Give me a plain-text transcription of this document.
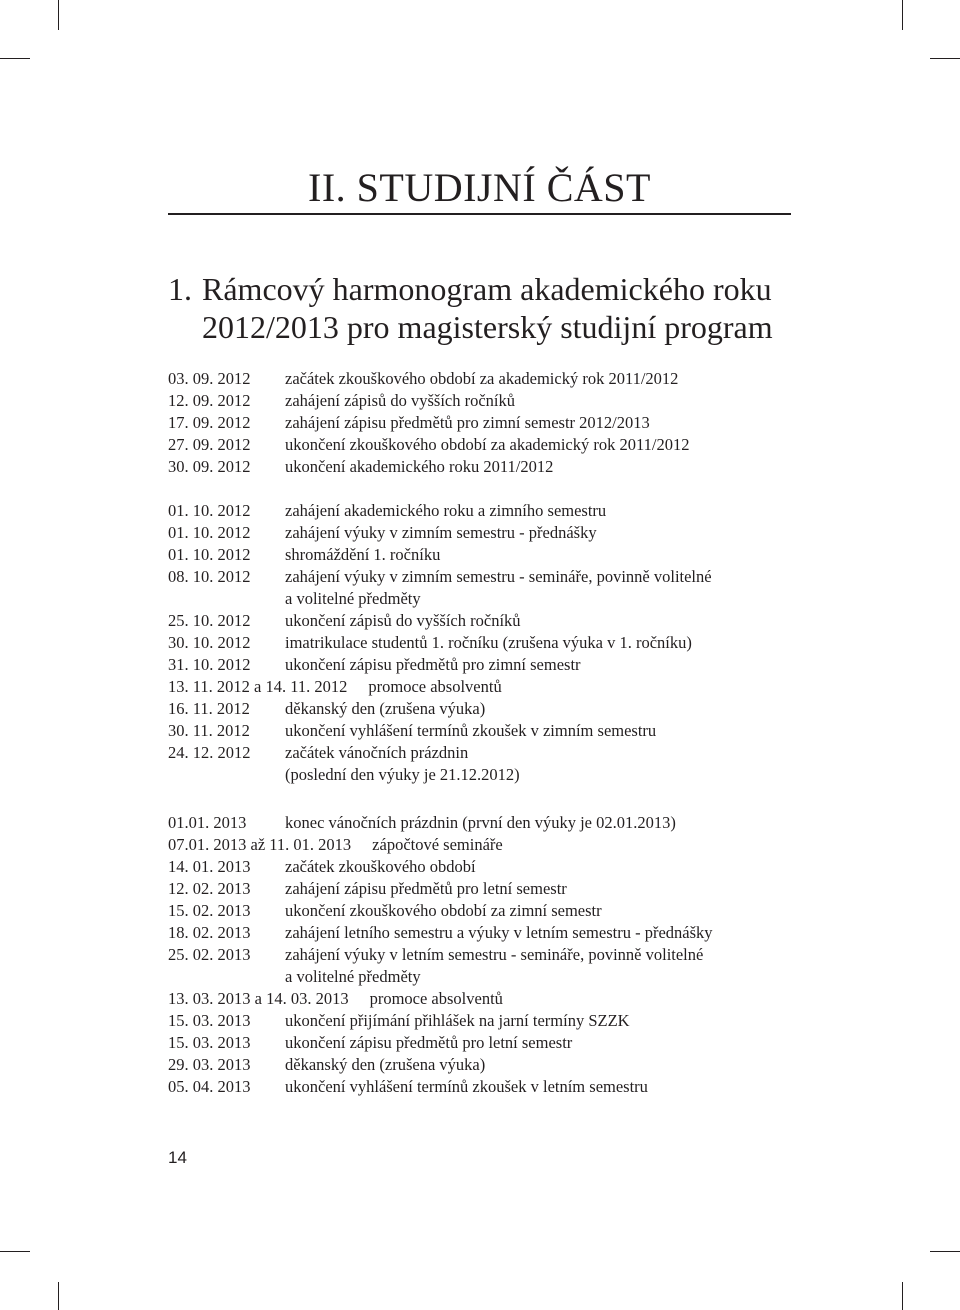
II. STUDIJNÍ ČÁST
1. Rámcový harmonogram akademického roku
2012/2013 pro magisterský studijní program
03. 09. 2012	začátek zkouškového období za akademický rok 2011/2012
12. 09. 2012	zahájení zápisů do vyšších ročníků
17. 09. 2012	zahájení zápisu předmětů pro zimní semestr 2012/2013
27. 09. 2012	ukončení zkouškového období za akademický rok 2011/2012
30. 09. 2012	ukončení akademického roku 2011/2012
01. 10. 2012	zahájení akademického roku a zimního semestru
01. 10. 2012	zahájení výuky v zimním semestru - přednášky
01. 10. 2012	shromáždění 1. ročníku
08. 10. 2012	zahájení výuky v zimním semestru - semináře, povinně volitelné
a volitelné předměty
25. 10. 2012	ukončení zápisů do vyšších ročníků
30. 10. 2012	imatrikulace studentů 1. ročníku (zrušena výuka v 1. ročníku)
31. 10. 2012	ukončení zápisu předmětů pro zimní semestr
13. 11. 2012 a 14. 11. 2012 promoce absolventů
16. 11. 2012	děkanský den (zrušena výuka)
30. 11. 2012	ukončení vyhlášení termínů zkoušek v zimním semestru
24. 12. 2012	začátek vánočních prázdnin
(poslední den výuky je 21.12.2012)
01.01. 2013	konec vánočních prázdnin (první den výuky je 02.01.2013)
07.01. 2013 až 11. 01. 2013 zápočtové semináře
14. 01. 2013	začátek zkouškového období
12. 02. 2013	zahájení zápisu předmětů pro letní semestr
15. 02. 2013	ukončení zkouškového období za zimní semestr
18. 02. 2013	zahájení letního semestru a výuky v letním semestru - přednášky
25. 02. 2013	zahájení výuky v letním semestru - semináře, povinně volitelné
a volitelné předměty
13. 03. 2013 a 14. 03. 2013 promoce absolventů
15. 03. 2013	ukončení přijímání přihlášek na jarní termíny SZZK
15. 03. 2013	ukončení zápisu předmětů pro letní semestr
29. 03. 2013	děkanský den (zrušena výuka)
05. 04. 2013	ukončení vyhlášení termínů zkoušek v letním semestru
14
